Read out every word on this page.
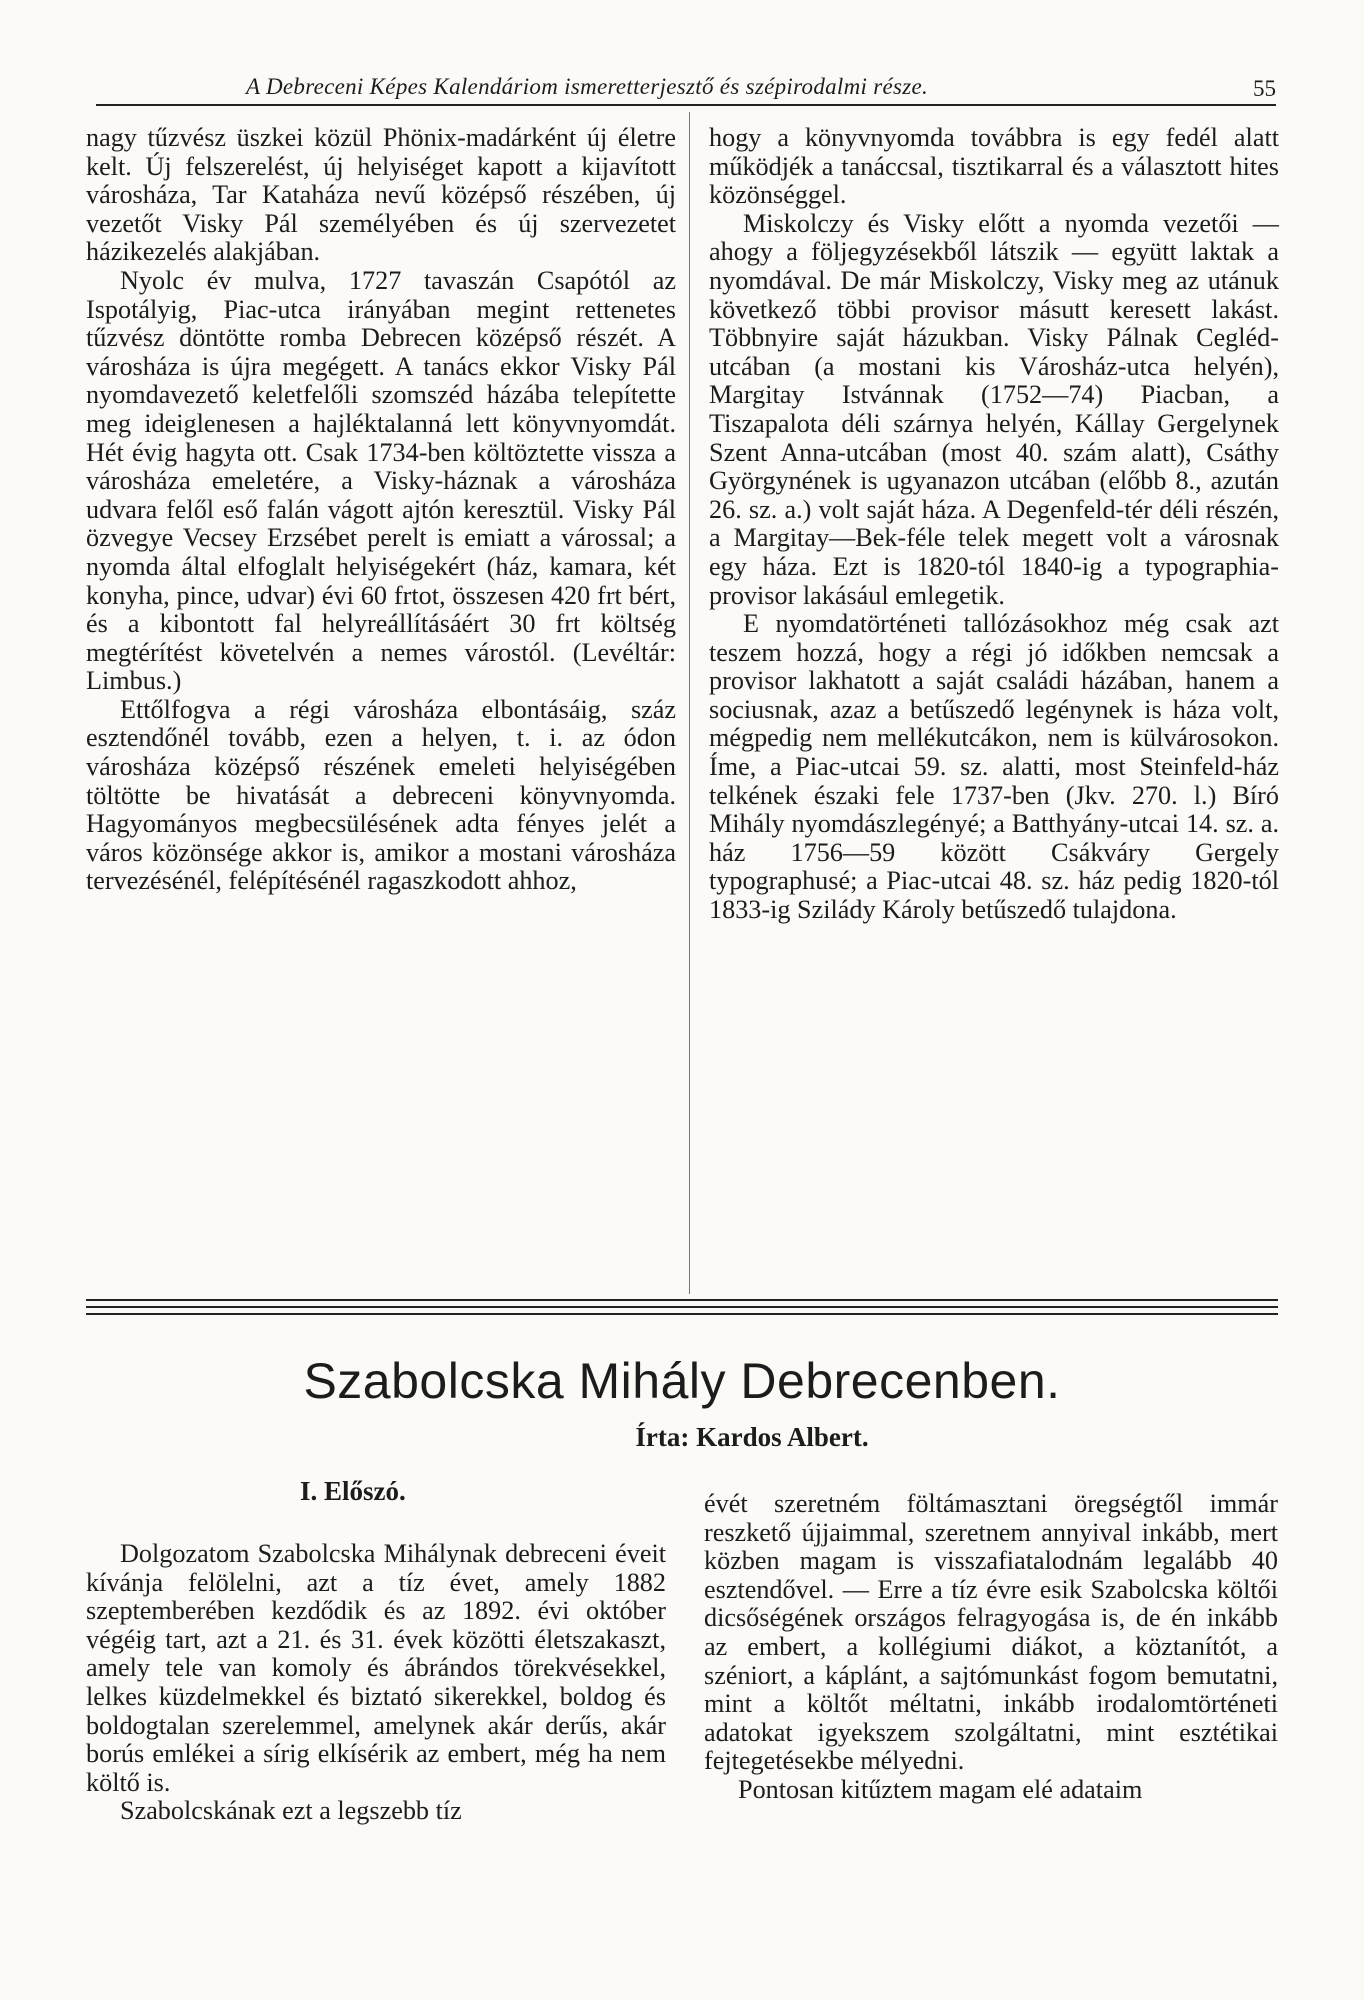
A Debreceni Képes Kalendáriom ismeretterjesztő és szépirodalmi része.	55

nagy tűzvész üszkei közül Phönix-madárként új életre kelt. Új felszerelést, új helyiséget kapott a kijavított városháza, Tar Kataháza nevű középső részében, új vezetőt Visky Pál személyében és új szervezetet házikezelés alakjában.

Nyolc év mulva, 1727 tavaszán Csapótól az Ispotályig, Piac-utca irányában megint rettenetes tűzvész döntötte romba Debrecen középső részét. A városháza is újra megégett. A tanács ekkor Visky Pál nyomdavezető keletfelőli szomszéd házába telepítette meg ideiglenesen a hajléktalanná lett könyvnyomdát. Hét évig hagyta ott. Csak 1734-ben költöztette vissza a városháza emeletére, a Visky-háznak a városháza udvara felől eső falán vágott ajtón keresztül. Visky Pál özvegye Vecsey Erzsébet perelt is emiatt a várossal; a nyomda által elfoglalt helyiségekért (ház, kamara, két konyha, pince, udvar) évi 60 frtot, összesen 420 frt bért, és a kibontott fal helyreállításáért 30 frt költség megtérítést követelvén a nemes várostól. (Levéltár: Limbus.)

Ettőlfogva a régi városháza elbontásáig, száz esztendőnél tovább, ezen a helyen, t. i. az ódon városháza középső részének emeleti helyiségében töltötte be hivatását a debreceni könyvnyomda. Hagyományos megbecsülésének adta fényes jelét a város közönsége akkor is, amikor a mostani városháza tervezésénél, felépítésénél ragaszkodott ahhoz,

hogy a könyvnyomda továbbra is egy fedél alatt működjék a tanáccsal, tisztikarral és a választott hites közönséggel.

Miskolczy és Visky előtt a nyomda vezetői — ahogy a följegyzésekből látszik — együtt laktak a nyomdával. De már Miskolczy, Visky meg az utánuk következő többi provisor másutt keresett lakást. Többnyire saját házukban. Visky Pálnak Cegléd-utcában (a mostani kis Városház-utca helyén), Margitay Istvánnak (1752—74) Piacban, a Tiszapalota déli szárnya helyén, Kállay Gergelynek Szent Anna-utcában (most 40. szám alatt), Csáthy Györgynének is ugyanazon utcában (előbb 8., azután 26. sz. a.) volt saját háza. A Degenfeld-tér déli részén, a Margitay—Bek-féle telek megett volt a városnak egy háza. Ezt is 1820-tól 1840-ig a typographia-provisor lakásául emlegetik.

E nyomdatörténeti tallózásokhoz még csak azt teszem hozzá, hogy a régi jó időkben nemcsak a provisor lakhatott a saját családi házában, hanem a sociusnak, azaz a betűszedő legénynek is háza volt, mégpedig nem mellékutcákon, nem is külvárosokon. Íme, a Piac-utcai 59. sz. alatti, most Steinfeld-ház telkének északi fele 1737-ben (Jkv. 270. l.) Bíró Mihály nyomdászlegényé; a Batthyány-utcai 14. sz. a. ház 1756—59 között Csákváry Gergely typographusé; a Piac-utcai 48. sz. ház pedig 1820-tól 1833-ig Sziládу Károly betűszedő tulajdona.

Szabolcska Mihály Debrecenben.
Írta: Kardos Albert.
I. Előszó.

Dolgozatom Szabolcska Mihálynak debreceni éveit kívánja felölelni, azt a tíz évet, amely 1882 szeptemberében kezdődik és az 1892. évi október végéig tart, azt a 21. és 31. évek közötti életszakaszt, amely tele van komoly és ábrándos törekvésekkel, lelkes küzdelmekkel és biztató sikerekkel, boldog és boldogtalan szerelemmel, amelynek akár derűs, akár borús emlékei a sírig elkísérik az embert, még ha nem költő is.

Szabolcskának ezt a legszebb tíz

évét szeretném föltámasztani öregségtől immár reszkető újjaimmal, szeretnem annyival inkább, mert közben magam is visszafiatalodnám legalább 40 esztendővel. — Erre a tíz évre esik Szabolcska költői dicsőségének országos felragyogása is, de én inkább az embert, a kollégiumi diákot, a köztanítót, a széniort, a káplánt, a sajtómunkást fogom bemutatni, mint a költőt méltatni, inkább irodalomtörténeti adatokat igyekszem szolgáltatni, mint esztétikai fejtegetésekbe mélyedni.

Pontosan kitűztem magam elé adataim
